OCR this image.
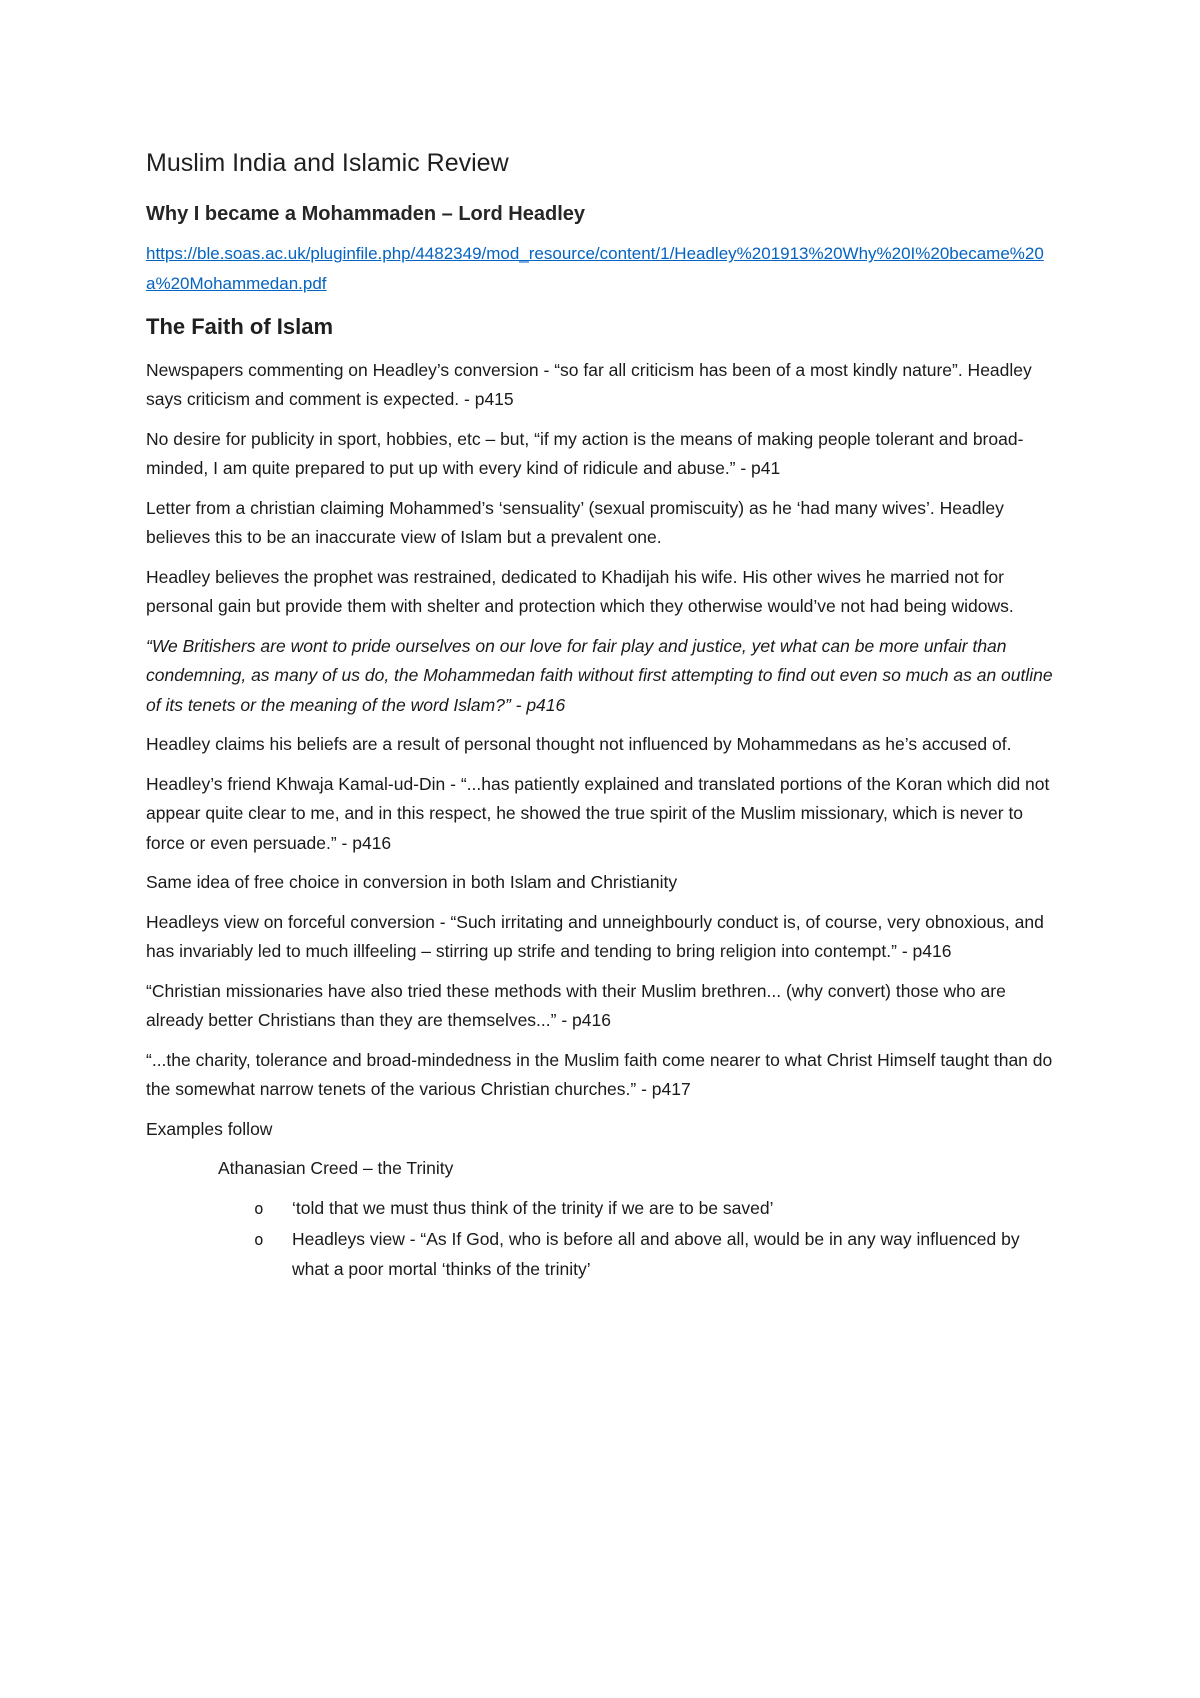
Muslim India and Islamic Review
Why I became a Mohammaden – Lord Headley
https://ble.soas.ac.uk/pluginfile.php/4482349/mod_resource/content/1/Headley%201913%20Why%20I%20became%20a%20Mohammedan.pdf
The Faith of Islam

Newspapers commenting on Headley’s conversion - “so far all criticism has been of a most kindly nature”. Headley says criticism and comment is expected. - p415

No desire for publicity in sport, hobbies, etc – but, “if my action is the means of making people tolerant and broad-minded, I am quite prepared to put up with every kind of ridicule and abuse.” - p41

Letter from a christian claiming Mohammed’s ‘sensuality’ (sexual promiscuity) as he ‘had many wives’. Headley believes this to be an inaccurate view of Islam but a prevalent one.

Headley believes the prophet was restrained, dedicated to Khadijah his wife. His other wives he married not for personal gain but provide them with shelter and protection which they otherwise would’ve not had being widows.

“We Britishers are wont to pride ourselves on our love for fair play and justice, yet what can be more unfair than condemning, as many of us do, the Mohammedan faith without first attempting to find out even so much as an outline of its tenets or the meaning of the word Islam?” - p416

Headley claims his beliefs are a result of personal thought not influenced by Mohammedans as he’s accused of.

Headley’s friend Khwaja Kamal-ud-Din - “...has patiently explained and translated portions of the Koran which did not appear quite clear to me, and in this respect, he showed the true spirit of the Muslim missionary, which is never to force or even persuade.” - p416

Same idea of free choice in conversion in both Islam and Christianity

Headleys view on forceful conversion - “Such irritating and unneighbourly conduct is, of course, very obnoxious, and has invariably led to much illfeeling – stirring up strife and tending to bring religion into contempt.” - p416

“Christian missionaries have also tried these methods with their Muslim brethren... (why convert) those who are already better Christians than they are themselves...” - p416

“...the charity, tolerance and broad-mindedness in the Muslim faith come nearer to what Christ Himself taught than do the somewhat narrow tenets of the various Christian churches.” - p417

Examples follow

Athanasian Creed – the Trinity

o ‘told that we must thus think of the trinity if we are to be saved’
o Headleys view - “As If God, who is before all and above all, would be in any way influenced by what a poor mortal ‘thinks of the trinity’
